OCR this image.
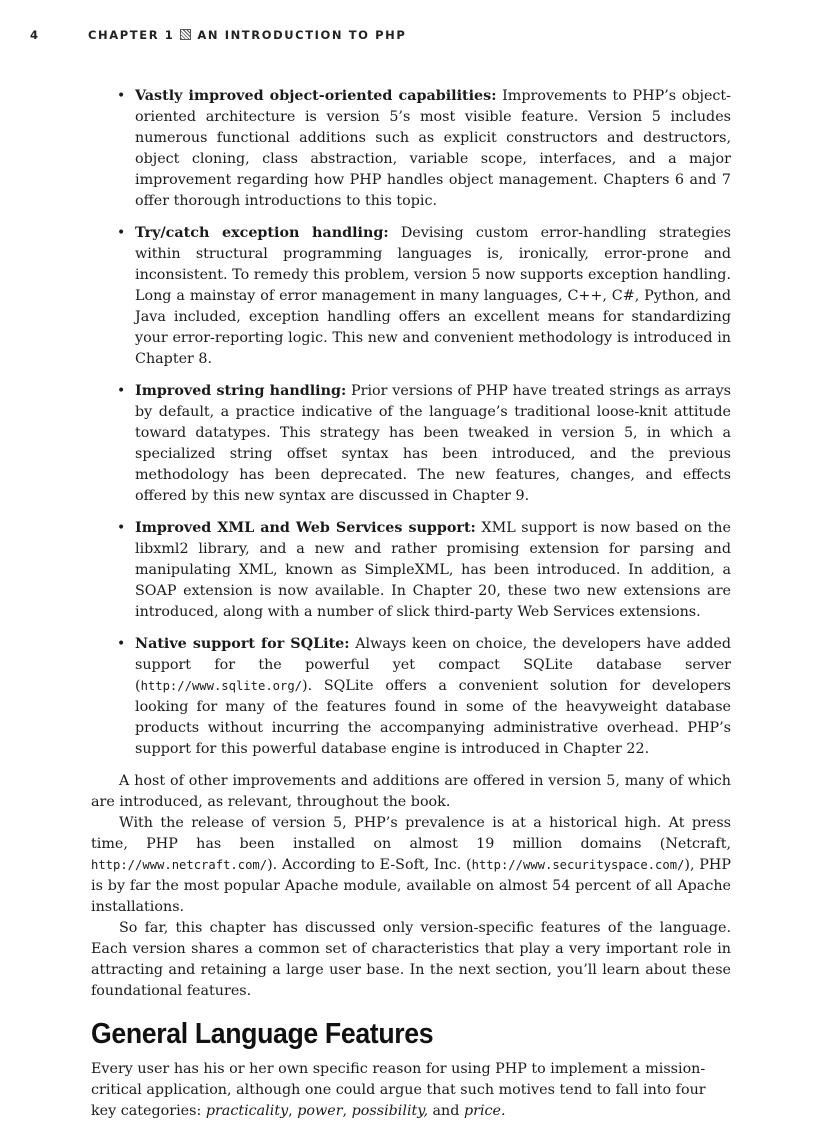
4	CHAPTER 1 AN INTRODUCTION TO PHP
• Vastly improved object-oriented capabilities: Improvements to PHP’s object-oriented architecture is version 5’s most visible feature. Version 5 includes numerous functional additions such as explicit constructors and destructors, object cloning, class abstraction, variable scope, interfaces, and a major improvement regarding how PHP handles object management. Chapters 6 and 7 offer thorough introductions to this topic.
• Try/catch exception handling: Devising custom error-handling strategies within structural programming languages is, ironically, error-prone and inconsistent. To remedy this problem, version 5 now supports exception handling. Long a mainstay of error management in many languages, C++, C#, Python, and Java included, exception handling offers an excellent means for standardizing your error-reporting logic. This new and convenient methodology is introduced in Chapter 8.
• Improved string handling: Prior versions of PHP have treated strings as arrays by default, a practice indicative of the language’s traditional loose-knit attitude toward datatypes. This strategy has been tweaked in version 5, in which a specialized string offset syntax has been introduced, and the previous methodology has been deprecated. The new features, changes, and effects offered by this new syntax are discussed in Chapter 9.
• Improved XML and Web Services support: XML support is now based on the libxml2 library, and a new and rather promising extension for parsing and manipulating XML, known as SimpleXML, has been introduced. In addition, a SOAP extension is now available. In Chapter 20, these two new extensions are introduced, along with a number of slick third-party Web Services extensions.
• Native support for SQLite: Always keen on choice, the developers have added support for the powerful yet compact SQLite database server (http://www.sqlite.org/). SQLite offers a convenient solution for developers looking for many of the features found in some of the heavyweight database products without incurring the accompanying administrative overhead. PHP’s support for this powerful database engine is introduced in Chapter 22.

A host of other improvements and additions are offered in version 5, many of which are introduced, as relevant, throughout the book.

With the release of version 5, PHP’s prevalence is at a historical high. At press time, PHP has been installed on almost 19 million domains (Netcraft, http://www.netcraft.com/). According to E-Soft, Inc. (http://www.securityspace.com/), PHP is by far the most popular Apache module, available on almost 54 percent of all Apache installations.

So far, this chapter has discussed only version-specific features of the language. Each version shares a common set of characteristics that play a very important role in attracting and retaining a large user base. In the next section, you’ll learn about these foundational features.

General Language Features

Every user has his or her own specific reason for using PHP to implement a mission-critical application, although one could argue that such motives tend to fall into four key categories: practicality, power, possibility, and price.
